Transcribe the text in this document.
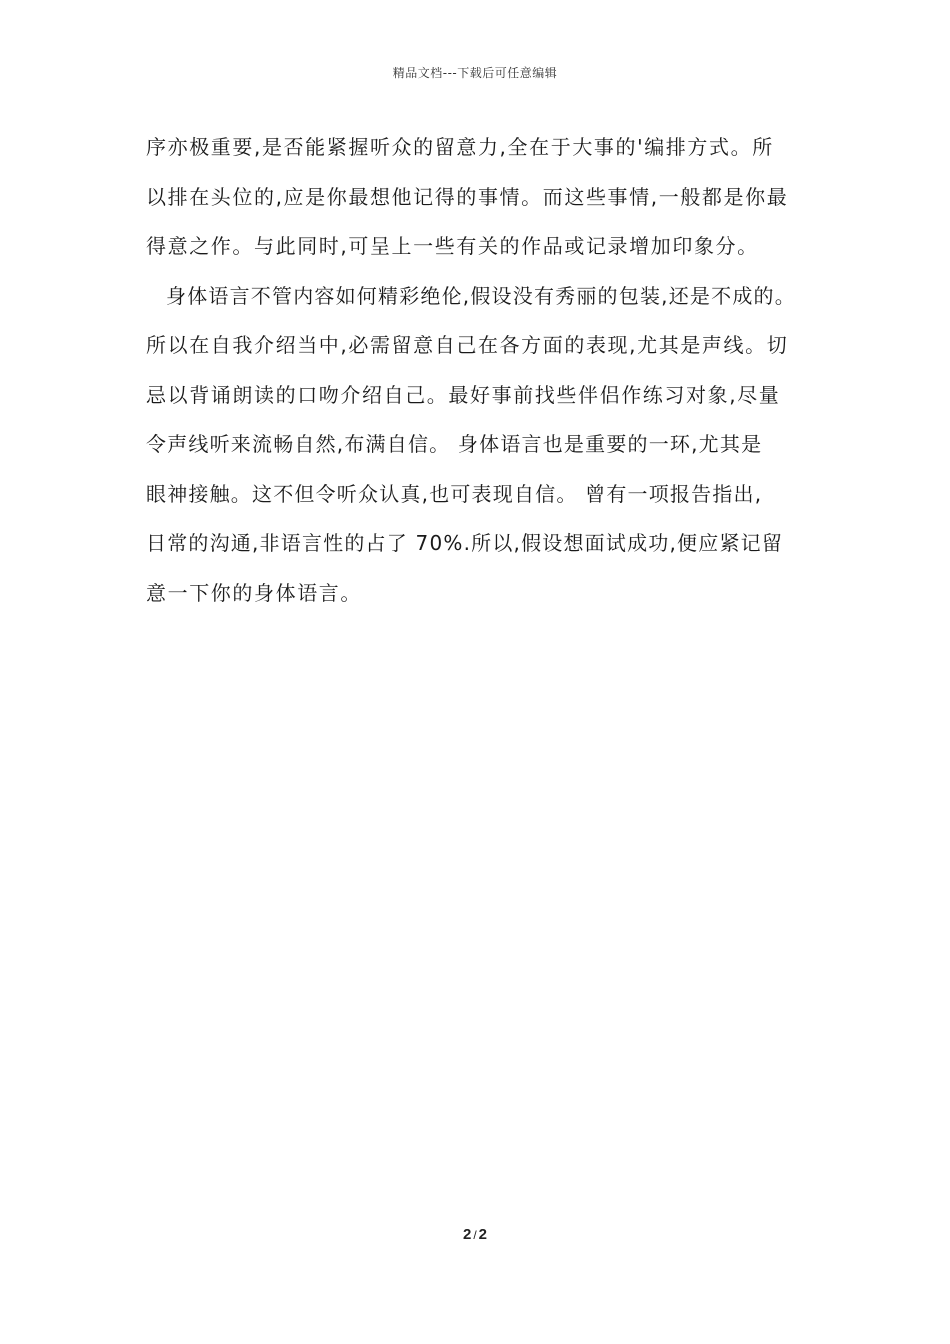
精品文档---下载后可任意编辑
序亦极重要,是否能紧握听众的留意力,全在于大事的'编排方式。所
以排在头位的,应是你最想他记得的事情。而这些事情,一般都是你最
得意之作。与此同时,可呈上一些有关的作品或记录增加印象分。
身体语言不管内容如何精彩绝伦,假设没有秀丽的包装,还是不成的。
所以在自我介绍当中,必需留意自己在各方面的表现,尤其是声线。切
忌以背诵朗读的口吻介绍自己。最好事前找些伴侣作练习对象,尽量
令声线听来流畅自然,布满自信。 身体语言也是重要的一环,尤其是
眼神接触。这不但令听众认真,也可表现自信。 曾有一项报告指出,
日常的沟通,非语言性的占了 70%.所以,假设想面试成功,便应紧记留
意一下你的身体语言。
2 / 2
